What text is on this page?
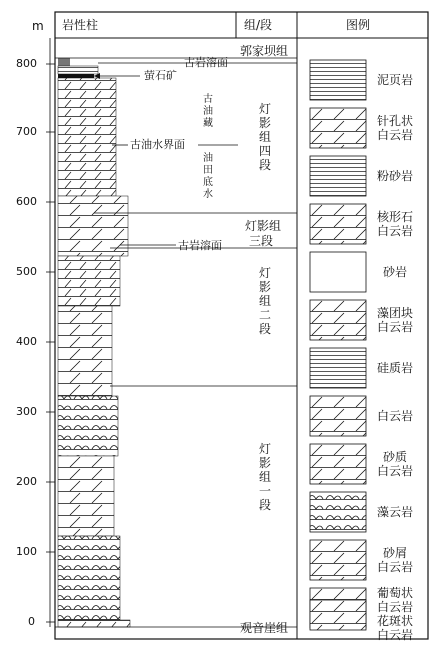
m 岩性柱	组/段	图例
800
700
600
500
400
300
200
100
0
古岩溶面
萤石矿
古油水界面
古岩溶面
古
油
藏
油
田
底
水
郭家坝组
灯
影
组
四
段
灯影组
三段
灯
影
组
二
段
灯
影
组
一
段
观音崖组
泥页岩
针孔状
白云岩
粉砂岩
核形石
白云岩
砂岩
藻团块
白云岩
硅质岩
白云岩
砂质
白云岩
藻云岩
砂屑
白云岩
葡萄状
白云岩
花斑状
白云岩
